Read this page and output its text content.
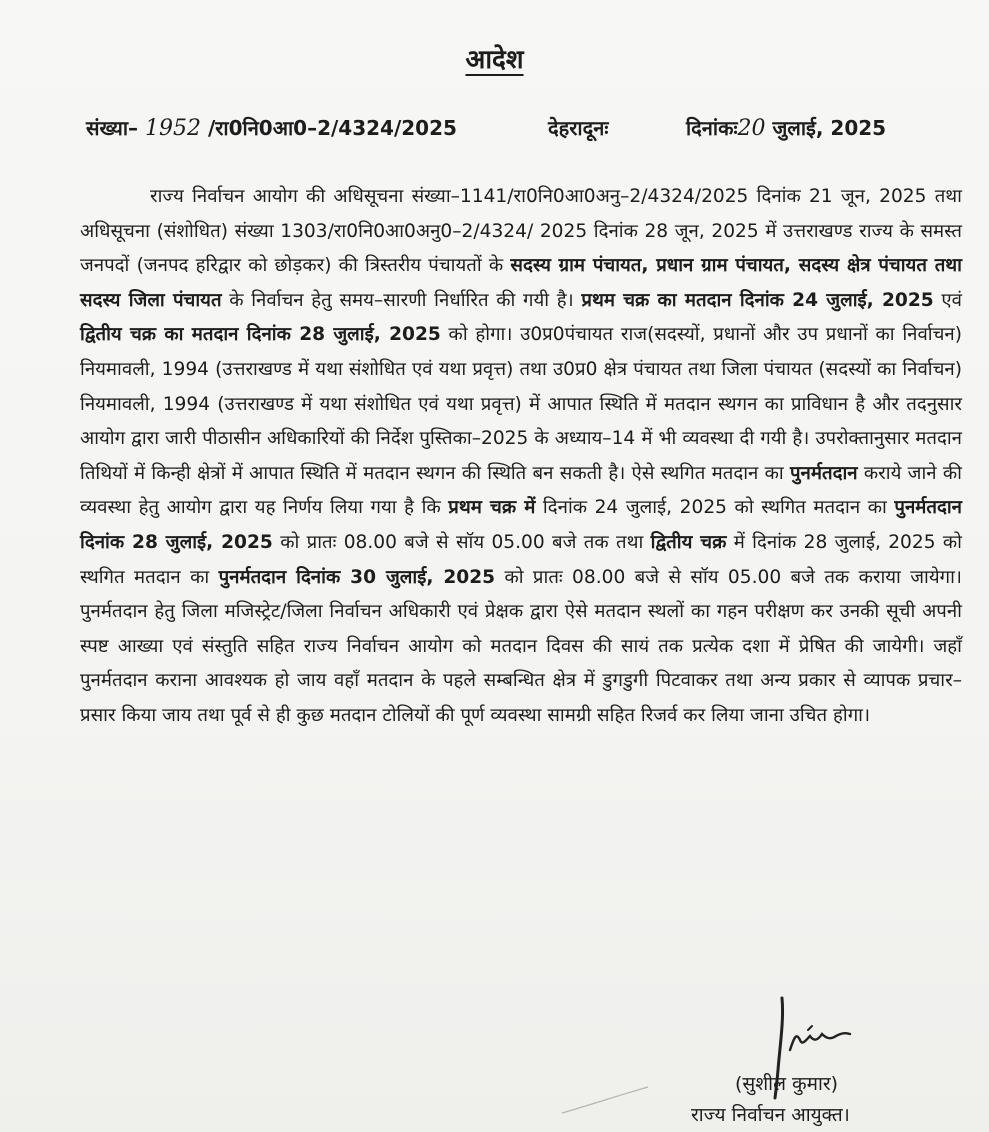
आदेश
संख्या– 1952 /रा0नि0आ0–2/4324/2025	देहरादूनः	दिनांकः20 जुलाई, 2025
राज्य निर्वाचन आयोग की अधिसूचना संख्या–1141/रा0नि0आ0अनु–2/4324/2025 दिनांक 21 जून, 2025 तथा अधिसूचना (संशोधित) संख्या 1303/रा0नि0आ0अनु0–2/4324/ 2025 दिनांक 28 जून, 2025 में उत्तराखण्ड राज्य के समस्त जनपदों (जनपद हरिद्वार को छोड़कर) की त्रिस्तरीय पंचायतों के सदस्य ग्राम पंचायत, प्रधान ग्राम पंचायत, सदस्य क्षेत्र पंचायत तथा सदस्य जिला पंचायत के निर्वाचन हेतु समय–सारणी निर्धारित की गयी है। प्रथम चक्र का मतदान दिनांक 24 जुलाई, 2025 एवं द्वितीय चक्र का मतदान दिनांक 28 जुलाई, 2025 को होगा। उ0प्र0पंचायत राज(सदस्यों, प्रधानों और उप प्रधानों का निर्वाचन) नियमावली, 1994 (उत्तराखण्ड में यथा संशोधित एवं यथा प्रवृत्त) तथा उ0प्र0 क्षेत्र पंचायत तथा जिला पंचायत (सदस्यों का निर्वाचन) नियमावली, 1994 (उत्तराखण्ड में यथा संशोधित एवं यथा प्रवृत्त) में आपात स्थिति में मतदान स्थगन का प्राविधान है और तदनुसार आयोग द्वारा जारी पीठासीन अधिकारियों की निर्देश पुस्तिका–2025 के अध्याय–14 में भी व्यवस्था दी गयी है। उपरोक्तानुसार मतदान तिथियों में किन्ही क्षेत्रों में आपात स्थिति में मतदान स्थगन की स्थिति बन सकती है। ऐसे स्थगित मतदान का पुनर्मतदान कराये जाने की व्यवस्था हेतु आयोग द्वारा यह निर्णय लिया गया है कि प्रथम चक्र में दिनांक 24 जुलाई, 2025 को स्थगित मतदान का पुनर्मतदान दिनांक 28 जुलाई, 2025 को प्रातः 08.00 बजे से सॉय 05.00 बजे तक तथा द्वितीय चक्र में दिनांक 28 जुलाई, 2025 को स्थगित मतदान का पुनर्मतदान दिनांक 30 जुलाई, 2025 को प्रातः 08.00 बजे से सॉय 05.00 बजे तक कराया जायेगा। पुनर्मतदान हेतु जिला मजिस्ट्रेट/जिला निर्वाचन अधिकारी एवं प्रेक्षक द्वारा ऐसे मतदान स्थलों का गहन परीक्षण कर उनकी सूची अपनी स्पष्ट आख्या एवं संस्तुति सहित राज्य निर्वाचन आयोग को मतदान दिवस की सायं तक प्रत्येक दशा में प्रेषित की जायेगी। जहाँ पुनर्मतदान कराना आवश्यक हो जाय वहाँ मतदान के पहले सम्बन्धित क्षेत्र में डुगडुगी पिटवाकर तथा अन्य प्रकार से व्यापक प्रचार–प्रसार किया जाय तथा पूर्व से ही कुछ मतदान टोलियों की पूर्ण व्यवस्था सामग्री सहित रिजर्व कर लिया जाना उचित होगा।
(सुशील कुमार)
राज्य निर्वाचन आयुक्त।
